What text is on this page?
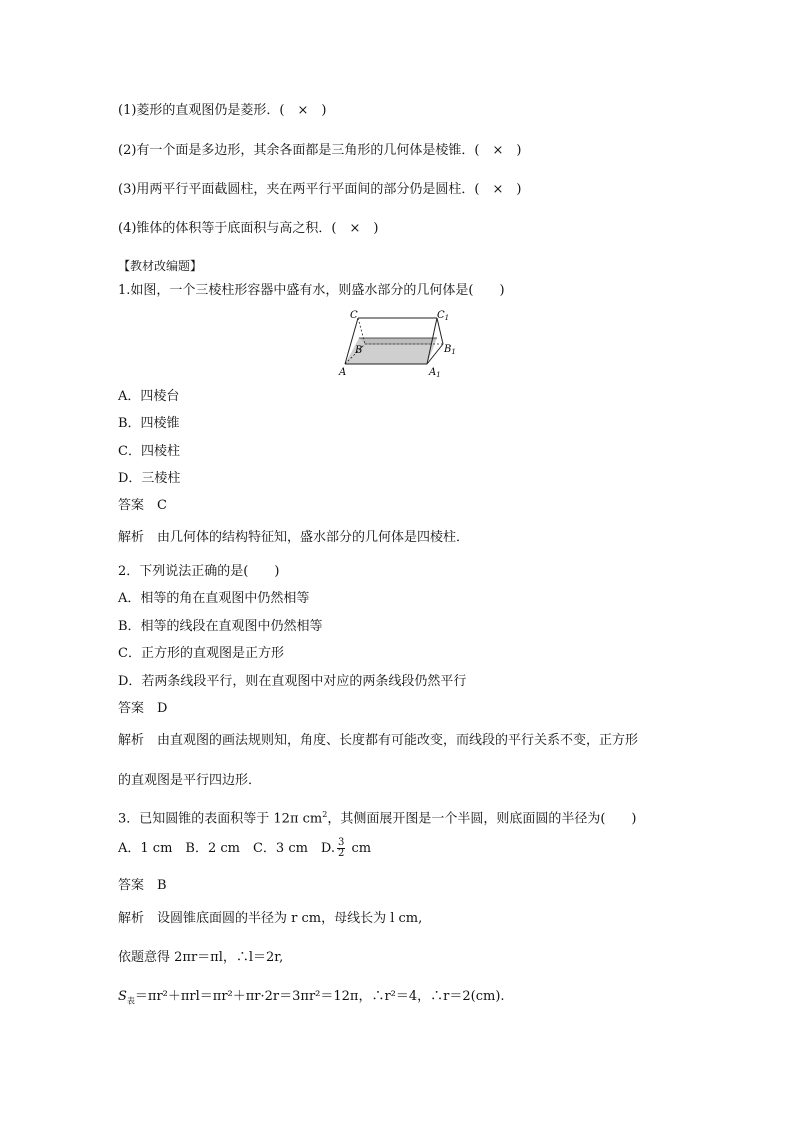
(1)菱形的直观图仍是菱形．(　×　)
(2)有一个面是多边形，其余各面都是三角形的几何体是棱锥．(　×　)
(3)用两平行平面截圆柱，夹在两平行平面间的部分仍是圆柱．(　×　)
(4)锥体的体积等于底面积与高之积．(　×　)
【教材改编题】
1.如图，一个三棱柱形容器中盛有水，则盛水部分的几何体是(　　)
C	$C_1$
B	$B_1$
A	$A_1$
A．四棱台
B．四棱锥
C．四棱柱
D．三棱柱
答案　C
解析　由几何体的结构特征知，盛水部分的几何体是四棱柱．
2．下列说法正确的是(　　)
A．相等的角在直观图中仍然相等
B．相等的线段在直观图中仍然相等
C．正方形的直观图是正方形
D．若两条线段平行，则在直观图中对应的两条线段仍然平行
答案　D
解析　由直观图的画法规则知，角度、长度都有可能改变，而线段的平行关系不变，正方形
的直观图是平行四边形．
3．已知圆锥的表面积等于 12π $cm^2$，其侧面展开图是一个半圆，则底面圆的半径为(　　)
A．1 cm　B．2 cm　C．3 cm　D. $\frac{3}{2}$ cm
答案　B
解析　设圆锥底面圆的半径为 r cm，母线长为 l cm,
依题意得 2πr＝πl，∴l＝2r,
$S_表=\pi r^2+\pi rl=\pi r^2+\pi r\cdot 2r=3\pi r^2=12\pi$，∴r²＝4，∴r＝2(cm).
